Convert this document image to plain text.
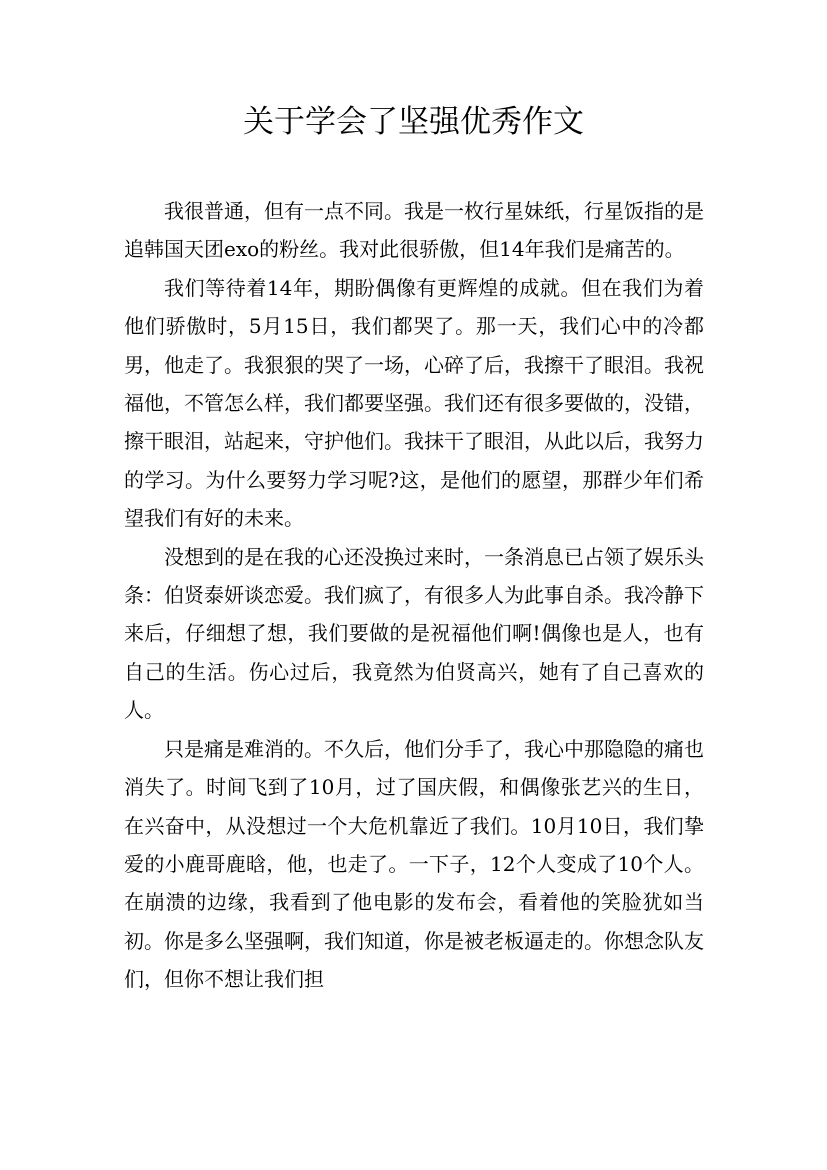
关于学会了坚强优秀作文

我很普通，但有一点不同。我是一枚行星妹纸，行星饭指的是追韩国天团exo的粉丝。我对此很骄傲，但14年我们是痛苦的。

我们等待着14年，期盼偶像有更辉煌的成就。但在我们为着他们骄傲时，5月15日，我们都哭了。那一天，我们心中的冷都男，他走了。我狠狠的哭了一场，心碎了后，我擦干了眼泪。我祝福他，不管怎么样，我们都要坚强。我们还有很多要做的，没错，擦干眼泪，站起来，守护他们。我抹干了眼泪，从此以后，我努力的学习。为什么要努力学习呢?这，是他们的愿望，那群少年们希望我们有好的未来。

没想到的是在我的心还没换过来时，一条消息已占领了娱乐头条：伯贤泰妍谈恋爱。我们疯了，有很多人为此事自杀。我冷静下来后，仔细想了想，我们要做的是祝福他们啊!偶像也是人，也有自己的生活。伤心过后，我竟然为伯贤高兴，她有了自己喜欢的人。

只是痛是难消的。不久后，他们分手了，我心中那隐隐的痛也消失了。时间飞到了10月，过了国庆假，和偶像张艺兴的生日，在兴奋中，从没想过一个大危机靠近了我们。10月10日，我们挚爱的小鹿哥鹿晗，他，也走了。一下子，12个人变成了10个人。在崩溃的边缘，我看到了他电影的发布会，看着他的笑脸犹如当初。你是多么坚强啊，我们知道，你是被老板逼走的。你想念队友们，但你不想让我们担
